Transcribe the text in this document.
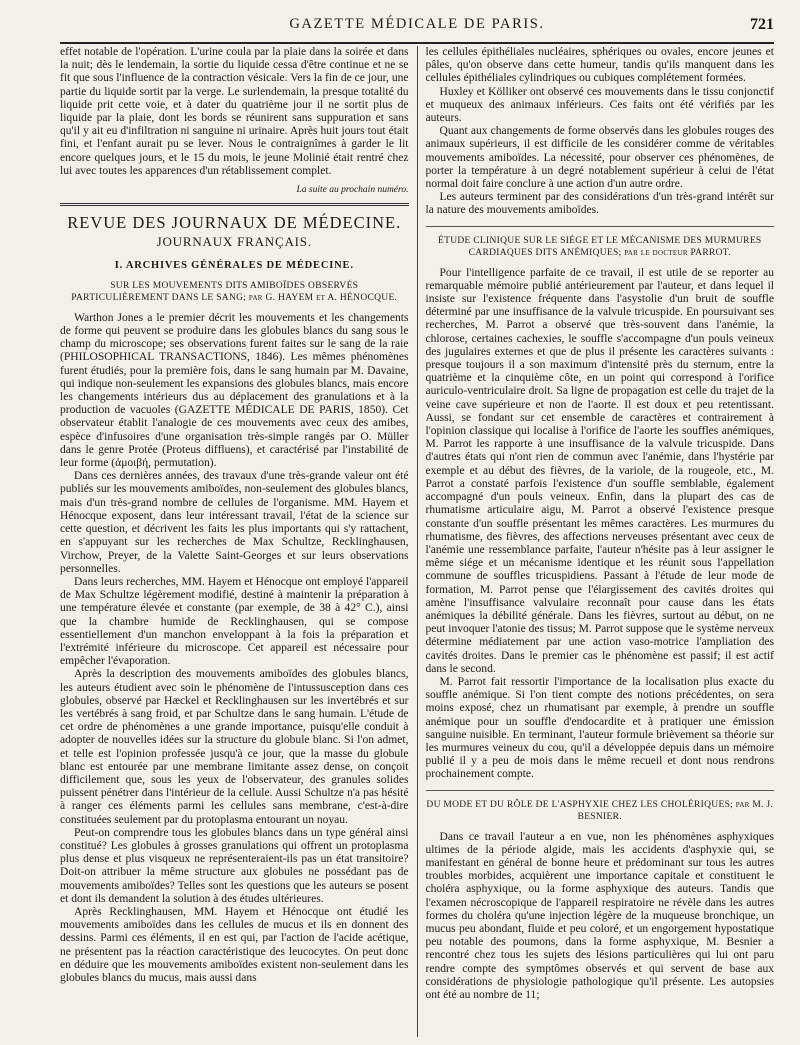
GAZETTE MÉDICALE DE PARIS.	721

effet notable de l'opération. L'urine coula par la plaie dans la soirée et dans la nuit; dès le lendemain, la sortie du liquide cessa d'être continue et ne se fit que sous l'influence de la contraction vésicale. Vers la fin de ce jour, une partie du liquide sortit par la verge. Le surlendemain, la presque totalité du liquide prit cette voie, et à dater du quatrième jour il ne sortit plus de liquide par la plaie, dont les bords se réunirent sans suppuration et sans qu'il y ait eu d'infiltration ni sanguine ni urinaire. Après huit jours tout était fini, et l'enfant aurait pu se lever. Nous le contraignîmes à garder le lit encore quelques jours, et le 15 du mois, le jeune Molinié était rentré chez lui avec toutes les apparences d'un rétablissement complet.

La suite au prochain numéro.
REVUE DES JOURNAUX DE MÉDECINE.
JOURNAUX FRANÇAIS.
I. ARCHIVES GÉNÉRALES DE MÉDECINE.
SUR LES MOUVEMENTS DITS AMIBOÏDES OBSERVÉS PARTICULIÈREMENT DANS LE SANG; par G. HAYEM et A. HÉNOCQUE.

Warthon Jones a le premier décrit les mouvements et les changements de forme qui peuvent se produire dans les globules blancs du sang sous le champ du microscope; ses observations furent faites sur le sang de la raie (PHILOSOPHICAL TRANSACTIONS, 1846). Les mêmes phénomènes furent étudiés, pour la première fois, dans le sang humain par M. Davaine, qui indique non-seulement les expansions des globules blancs, mais encore les changements intérieurs dus au déplacement des granulations et à la production de vacuoles (GAZETTE MÉDICALE DE PARIS, 1850). Cet observateur établit l'analogie de ces mouvements avec ceux des amibes, espèce d'infusoires d'une organisation très-simple rangés par O. Müller dans le genre Protée (Proteus diffluens), et caractérisé par l'instabilité de leur forme (ἀμοιβή, permutation).

Dans ces dernières années, des travaux d'une très-grande valeur ont été publiés sur les mouvements amiboïdes, non-seulement des globules blancs, mais d'un très-grand nombre de cellules de l'organisme. MM. Hayem et Hénocque exposent, dans leur intéressant travail, l'état de la science sur cette question, et décrivent les faits les plus importants qui s'y rattachent, en s'appuyant sur les recherches de Max Schultze, Recklinghausen, Virchow, Preyer, de la Valette Saint-Georges et sur leurs observations personnelles.

Dans leurs recherches, MM. Hayem et Hénocque ont employé l'appareil de Max Schultze légèrement modifié, destiné à maintenir la préparation à une température élevée et constante (par exemple, de 38 à 42° C.), ainsi que la chambre humide de Recklinghausen, qui se compose essentiellement d'un manchon enveloppant à la fois la préparation et l'extrémité inférieure du microscope. Cet appareil est nécessaire pour empêcher l'évaporation.

Après la description des mouvements amiboïdes des globules blancs, les auteurs étudient avec soin le phénomène de l'intussusception dans ces globules, observé par Hæckel et Recklinghausen sur les invertébrés et sur les vertébrés à sang froid, et par Schultze dans le sang humain. L'étude de cet ordre de phénomènes a une grande importance, puisqu'elle conduit à adopter de nouvelles idées sur la structure du globule blanc. Si l'on admet, et telle est l'opinion professée jusqu'à ce jour, que la masse du globule blanc est entourée par une membrane limitante assez dense, on conçoit difficilement que, sous les yeux de l'observateur, des granules solides puissent pénétrer dans l'intérieur de la cellule. Aussi Schultze n'a pas hésité à ranger ces éléments parmi les cellules sans membrane, c'est-à-dire constituées seulement par du protoplasma entourant un noyau.

Peut-on comprendre tous les globules blancs dans un type général ainsi constitué? Les globules à grosses granulations qui offrent un protoplasma plus dense et plus visqueux ne représenteraient-ils pas un état transitoire? Doit-on attribuer la même structure aux globules ne possédant pas de mouvements amiboïdes? Telles sont les questions que les auteurs se posent et dont ils demandent la solution à des études ultérieures.

Après Recklinghausen, MM. Hayem et Hénocque ont étudié les mouvements amiboïdes dans les cellules de mucus et ils en donnent des dessins. Parmi ces éléments, il en est qui, par l'action de l'acide acétique, ne présentent pas la réaction caractéristique des leucocytes. On peut donc en déduire que les mouvements amiboïdes existent non-seulement dans les globules blancs du mucus, mais aussi dans

les cellules épithéliales nucléaires, sphériques ou ovales, encore jeunes et pâles, qu'on observe dans cette humeur, tandis qu'ils manquent dans les cellules épithéliales cylindriques ou cubiques complétement formées.

Huxley et Kölliker ont observé ces mouvements dans le tissu conjonctif et muqueux des animaux inférieurs. Ces faits ont été vérifiés par les auteurs.

Quant aux changements de forme observés dans les globules rouges des animaux supérieurs, il est difficile de les considérer comme de véritables mouvements amiboïdes. La nécessité, pour observer ces phénomènes, de porter la température à un degré notablement supérieur à celui de l'état normal doit faire conclure à une action d'un autre ordre.

Les auteurs terminent par des considérations d'un très-grand intérêt sur la nature des mouvements amiboïdes.

ÉTUDE CLINIQUE SUR LE SIÉGE ET LE MÉCANISME DES MURMURES CARDIAQUES DITS ANÉMIQUES; par le docteur PARROT.

Pour l'intelligence parfaite de ce travail, il est utile de se reporter au remarquable mémoire publié antérieurement par l'auteur, et dans lequel il insiste sur l'existence fréquente dans l'asystolie d'un bruit de souffle déterminé par une insuffisance de la valvule tricuspide. En poursuivant ses recherches, M. Parrot a observé que très-souvent dans l'anémie, la chlorose, certaines cachexies, le souffle s'accompagne d'un pouls veineux des jugulaires externes et que de plus il présente les caractères suivants : presque toujours il a son maximum d'intensité près du sternum, entre la quatrième et la cinquième côte, en un point qui correspond à l'orifice auriculo-ventriculaire droit. Sa ligne de propagation est celle du trajet de la veine cave supérieure et non de l'aorte. Il est doux et peu retentissant. Aussi, se fondant sur cet ensemble de caractères et contrairement à l'opinion classique qui localise à l'orifice de l'aorte les souffles anémiques, M. Parrot les rapporte à une insuffisance de la valvule tricuspide. Dans d'autres états qui n'ont rien de commun avec l'anémie, dans l'hystérie par exemple et au début des fièvres, de la variole, de la rougeole, etc., M. Parrot a constaté parfois l'existence d'un souffle semblable, également accompagné d'un pouls veineux. Enfin, dans la plupart des cas de rhumatisme articulaire aigu, M. Parrot a observé l'existence presque constante d'un souffle présentant les mêmes caractères. Les murmures du rhumatisme, des fièvres, des affections nerveuses présentant avec ceux de l'anémie une ressemblance parfaite, l'auteur n'hésite pas à leur assigner le même siége et un mécanisme identique et les réunit sous l'appellation commune de souffles tricuspidiens. Passant à l'étude de leur mode de formation, M. Parrot pense que l'élargissement des cavités droites qui amène l'insuffisance valvulaire reconnaît pour cause dans les états anémiques la débilité générale. Dans les fièvres, surtout au début, on ne peut invoquer l'atonie des tissus; M. Parrot suppose que le système nerveux détermine médiatement par une action vaso-motrice l'ampliation des cavités droites. Dans le premier cas le phénomène est passif; il est actif dans le second.

M. Parrot fait ressortir l'importance de la localisation plus exacte du souffle anémique. Si l'on tient compte des notions précédentes, on sera moins exposé, chez un rhumatisant par exemple, à prendre un souffle anémique pour un souffle d'endocardite et à pratiquer une émission sanguine nuisible. En terminant, l'auteur formule brièvement sa théorie sur les murmures veineux du cou, qu'il a développée depuis dans un mémoire publié il y a peu de mois dans le même recueil et dont nous rendrons prochainement compte.

DU MODE ET DU RÔLE DE L'ASPHYXIE CHEZ LES CHOLÉRIQUES; par M. J. BESNIER.

Dans ce travail l'auteur a en vue, non les phénomènes asphyxiques ultimes de la période algide, mais les accidents d'asphyxie qui, se manifestant en général de bonne heure et prédominant sur tous les autres troubles morbides, acquièrent une importance capitale et constituent le choléra asphyxique, ou la forme asphyxique des auteurs. Tandis que l'examen nécroscopique de l'appareil respiratoire ne révèle dans les autres formes du choléra qu'une injection légère de la muqueuse bronchique, un mucus peu abondant, fluide et peu coloré, et un engorgement hypostatique peu notable des poumons, dans la forme asphyxique, M. Besnier a rencontré chez tous les sujets des lésions particulières qui lui ont paru rendre compte des symptômes observés et qui servent de base aux considérations de physiologie pathologique qu'il présente. Les autopsies ont été au nombre de 11;
